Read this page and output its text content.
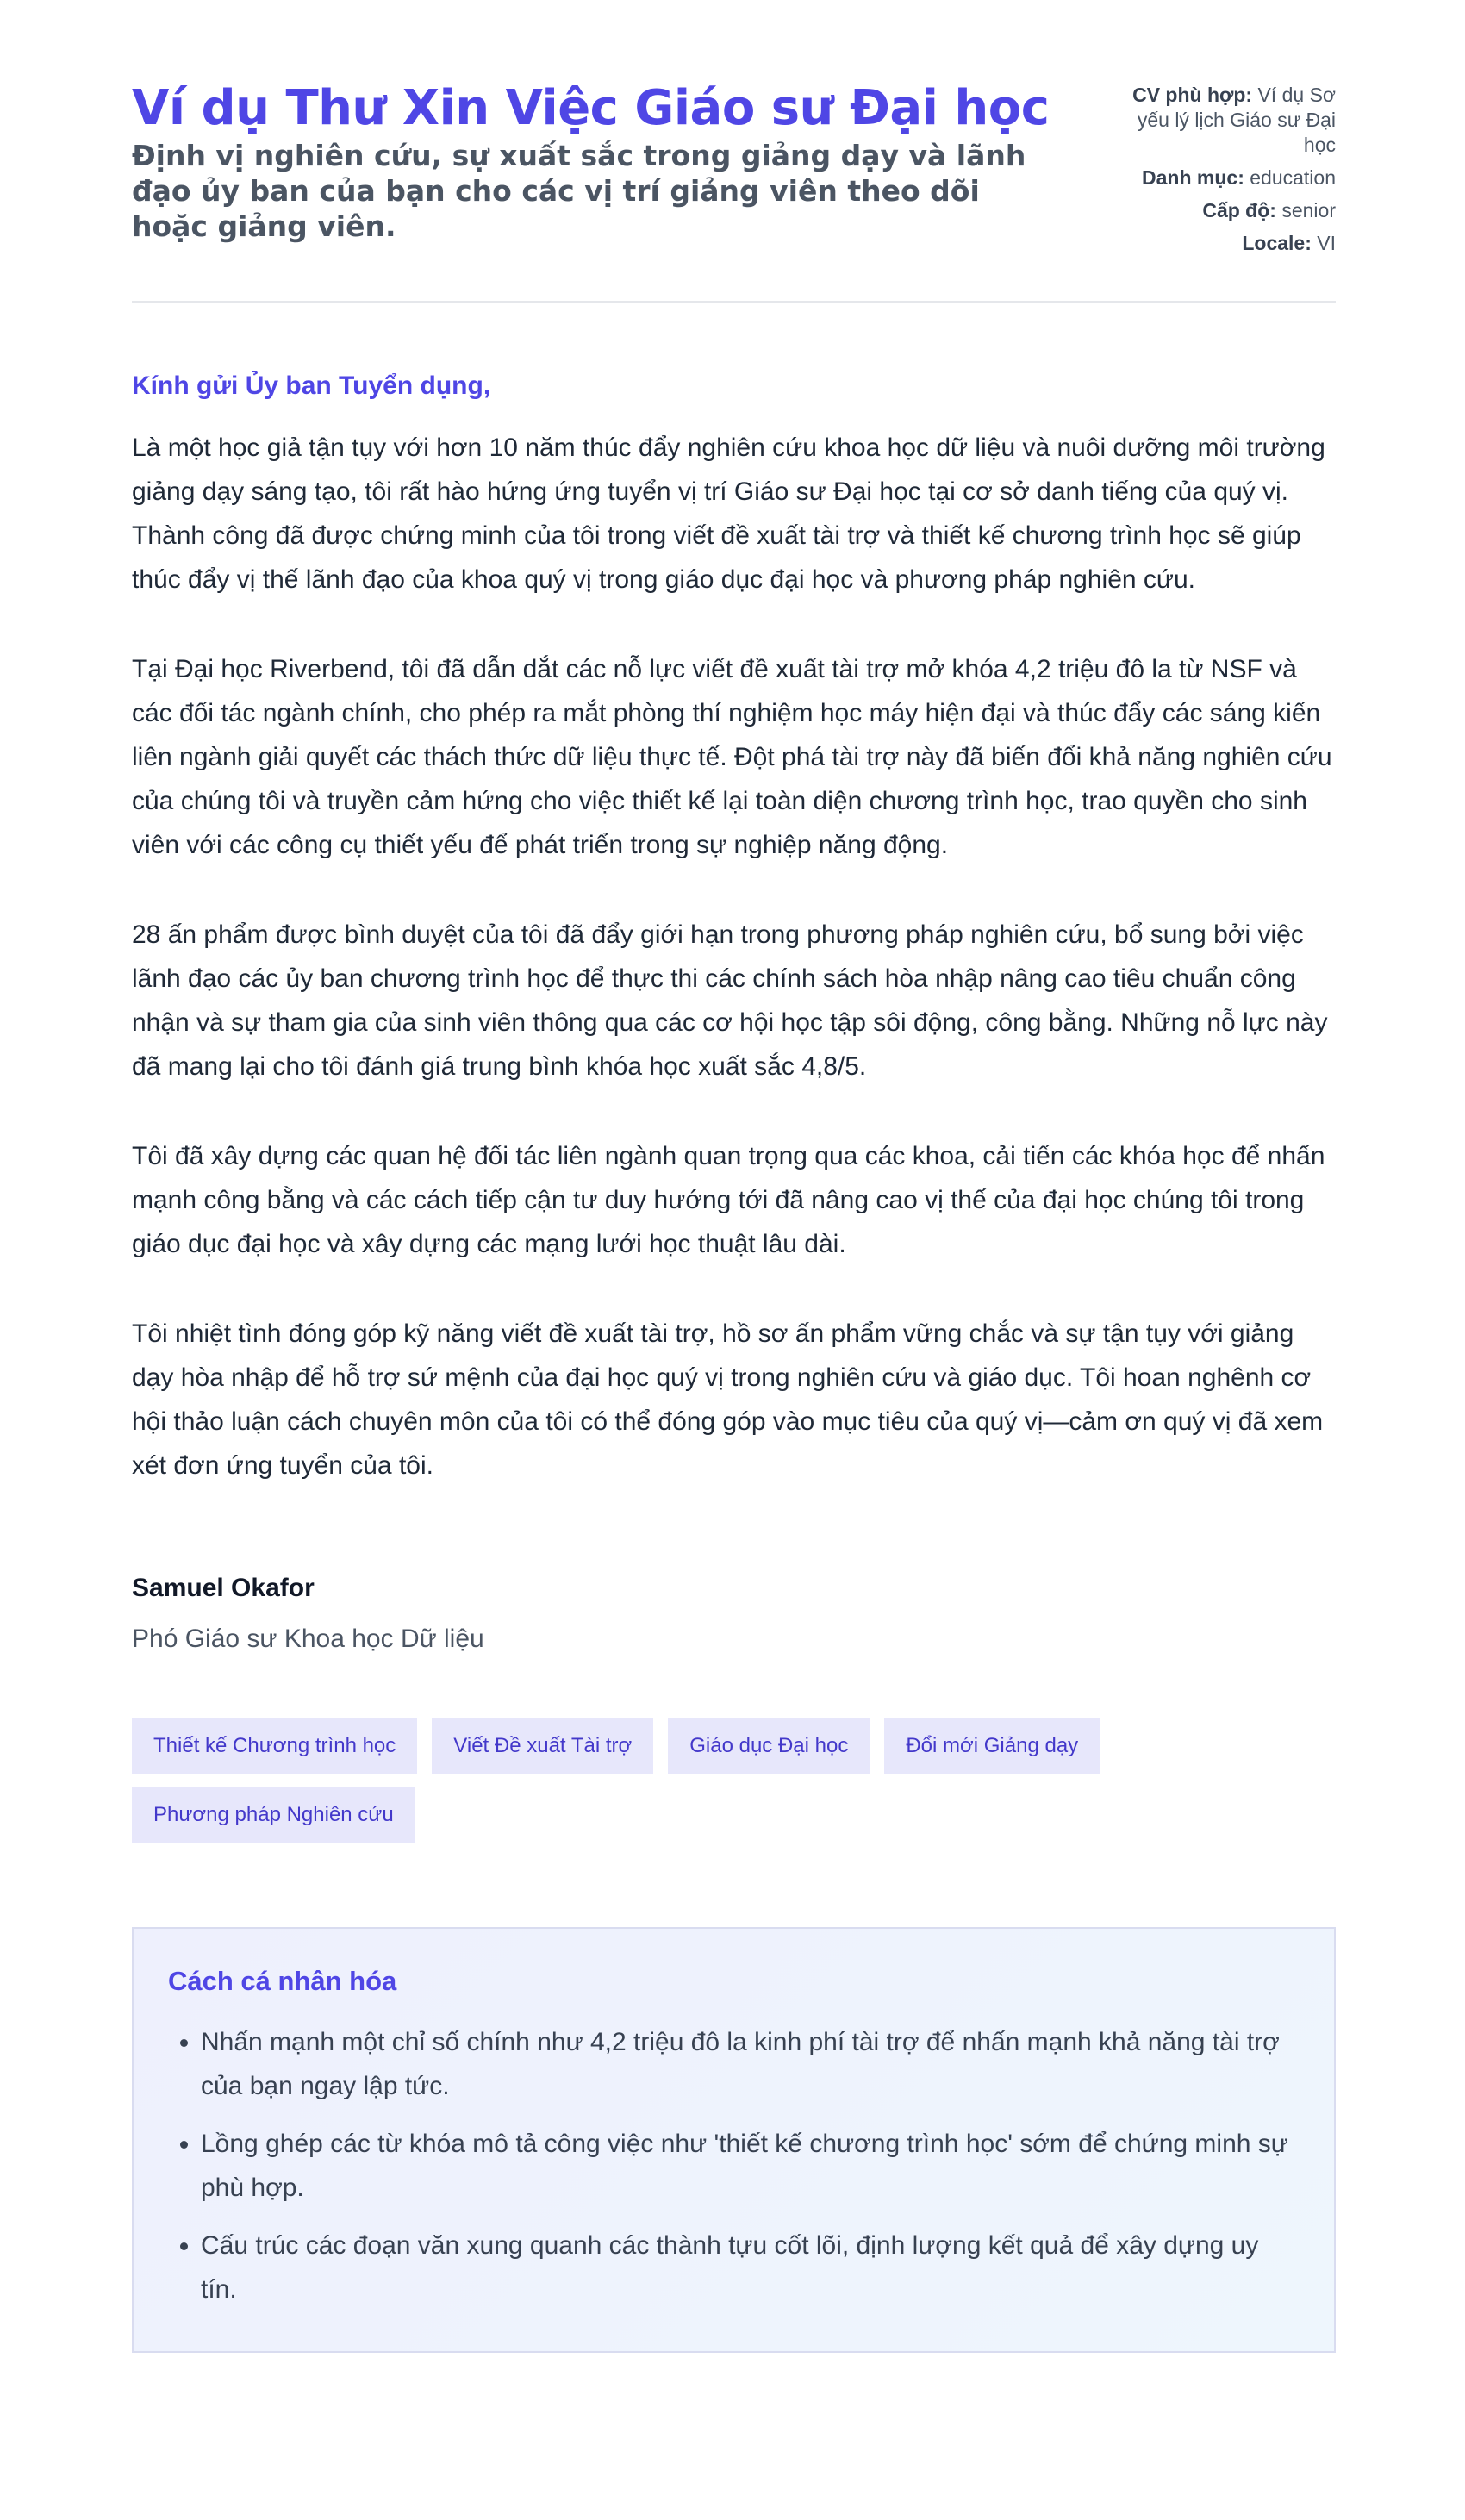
Ví dụ Thư Xin Việc Giáo sư Đại học

Định vị nghiên cứu, sự xuất sắc trong giảng dạy và lãnh đạo ủy ban của bạn cho các vị trí giảng viên theo dõi hoặc giảng viên.

CV phù hợp: Ví dụ Sơ yếu lý lịch Giáo sư Đại học
Danh mục: education
Cấp độ: senior
Locale: VI

Kính gửi Ủy ban Tuyển dụng,

Là một học giả tận tụy với hơn 10 năm thúc đẩy nghiên cứu khoa học dữ liệu và nuôi dưỡng môi trường giảng dạy sáng tạo, tôi rất hào hứng ứng tuyển vị trí Giáo sư Đại học tại cơ sở danh tiếng của quý vị. Thành công đã được chứng minh của tôi trong viết đề xuất tài trợ và thiết kế chương trình học sẽ giúp thúc đẩy vị thế lãnh đạo của khoa quý vị trong giáo dục đại học và phương pháp nghiên cứu.

Tại Đại học Riverbend, tôi đã dẫn dắt các nỗ lực viết đề xuất tài trợ mở khóa 4,2 triệu đô la từ NSF và các đối tác ngành chính, cho phép ra mắt phòng thí nghiệm học máy hiện đại và thúc đẩy các sáng kiến liên ngành giải quyết các thách thức dữ liệu thực tế. Đột phá tài trợ này đã biến đổi khả năng nghiên cứu của chúng tôi và truyền cảm hứng cho việc thiết kế lại toàn diện chương trình học, trao quyền cho sinh viên với các công cụ thiết yếu để phát triển trong sự nghiệp năng động.

28 ấn phẩm được bình duyệt của tôi đã đẩy giới hạn trong phương pháp nghiên cứu, bổ sung bởi việc lãnh đạo các ủy ban chương trình học để thực thi các chính sách hòa nhập nâng cao tiêu chuẩn công nhận và sự tham gia của sinh viên thông qua các cơ hội học tập sôi động, công bằng. Những nỗ lực này đã mang lại cho tôi đánh giá trung bình khóa học xuất sắc 4,8/5.

Tôi đã xây dựng các quan hệ đối tác liên ngành quan trọng qua các khoa, cải tiến các khóa học để nhấn mạnh công bằng và các cách tiếp cận tư duy hướng tới đã nâng cao vị thế của đại học chúng tôi trong giáo dục đại học và xây dựng các mạng lưới học thuật lâu dài.

Tôi nhiệt tình đóng góp kỹ năng viết đề xuất tài trợ, hồ sơ ấn phẩm vững chắc và sự tận tụy với giảng dạy hòa nhập để hỗ trợ sứ mệnh của đại học quý vị trong nghiên cứu và giáo dục. Tôi hoan nghênh cơ hội thảo luận cách chuyên môn của tôi có thể đóng góp vào mục tiêu của quý vị—cảm ơn quý vị đã xem xét đơn ứng tuyển của tôi.

Samuel Okafor
Phó Giáo sư Khoa học Dữ liệu
Thiết kế Chương trình học	Viết Đề xuất Tài trợ	Giáo dục Đại học	Đổi mới Giảng dạy
Phương pháp Nghiên cứu
Cách cá nhân hóa
• Nhấn mạnh một chỉ số chính như 4,2 triệu đô la kinh phí tài trợ để nhấn mạnh khả năng tài trợ của bạn ngay lập tức.
• Lồng ghép các từ khóa mô tả công việc như 'thiết kế chương trình học' sớm để chứng minh sự phù hợp.
• Cấu trúc các đoạn văn xung quanh các thành tựu cốt lõi, định lượng kết quả để xây dựng uy tín.
